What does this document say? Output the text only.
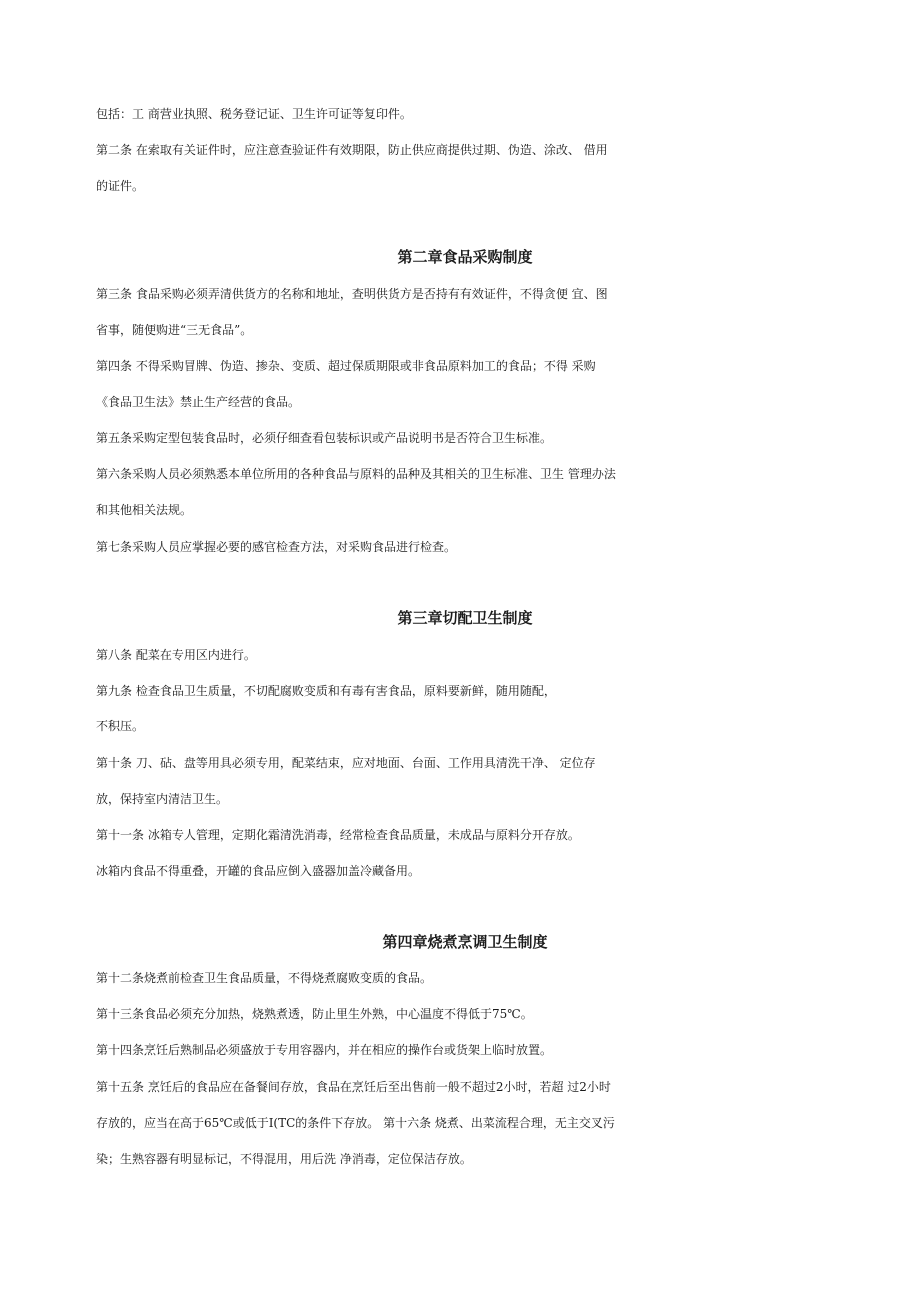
包括：工 商营业执照、税务登记证、卫生许可证等复印件。

第二条 在索取有关证件时，应注意查验证件有效期限，防止供应商提供过期、伪造、涂改、 借用

的证件。

第二章食品采购制度

第三条 食品采购必须弄清供货方的名称和地址，查明供货方是否持有有效证件，不得贪便 宜、图

省事，随便购进“三无食品”。

第四条 不得采购冒牌、伪造、掺杂、变质、超过保质期限或非食品原料加工的食品；不得 采购

《食品卫生法》禁止生产经营的食品。

第五条采购定型包装食品时，必须仔细查看包装标识或产品说明书是否符合卫生标准。

第六条采购人员必须熟悉本单位所用的各种食品与原料的品种及其相关的卫生标准、卫生 管理办法

和其他相关法规。

第七条采购人员应掌握必要的感官检查方法，对采购食品进行检查。

第三章切配卫生制度

第八条 配菜在专用区内进行。

第九条 检查食品卫生质量，不切配腐败变质和有毒有害食品，原料要新鲜，随用随配，

不积压。

第十条 刀、砧、盘等用具必须专用，配菜结束，应对地面、台面、工作用具清洗干净、 定位存

放，保持室内清洁卫生。

第十一条 冰箱专人管理，定期化霜清洗消毒，经常检查食品质量，未成品与原料分开存放。

冰箱内食品不得重叠，开罐的食品应倒入盛器加盖冷藏备用。

第四章烧煮烹调卫生制度

第十二条烧煮前检查卫生食品质量，不得烧煮腐败变质的食品。

第十三条食品必须充分加热，烧熟煮透，防止里生外熟，中心温度不得低于75℃。

第十四条烹饪后熟制品必须盛放于专用容器内，并在相应的操作台或货架上临时放置。

第十五条 烹饪后的食品应在备餐间存放，食品在烹饪后至出售前一般不超过2小时，若超 过2小时

存放的，应当在高于65℃或低于I(TC的条件下存放。 第十六条 烧煮、出菜流程合理，无主交叉污

染；生熟容器有明显标记，不得混用，用后洗 净消毒，定位保洁存放。
